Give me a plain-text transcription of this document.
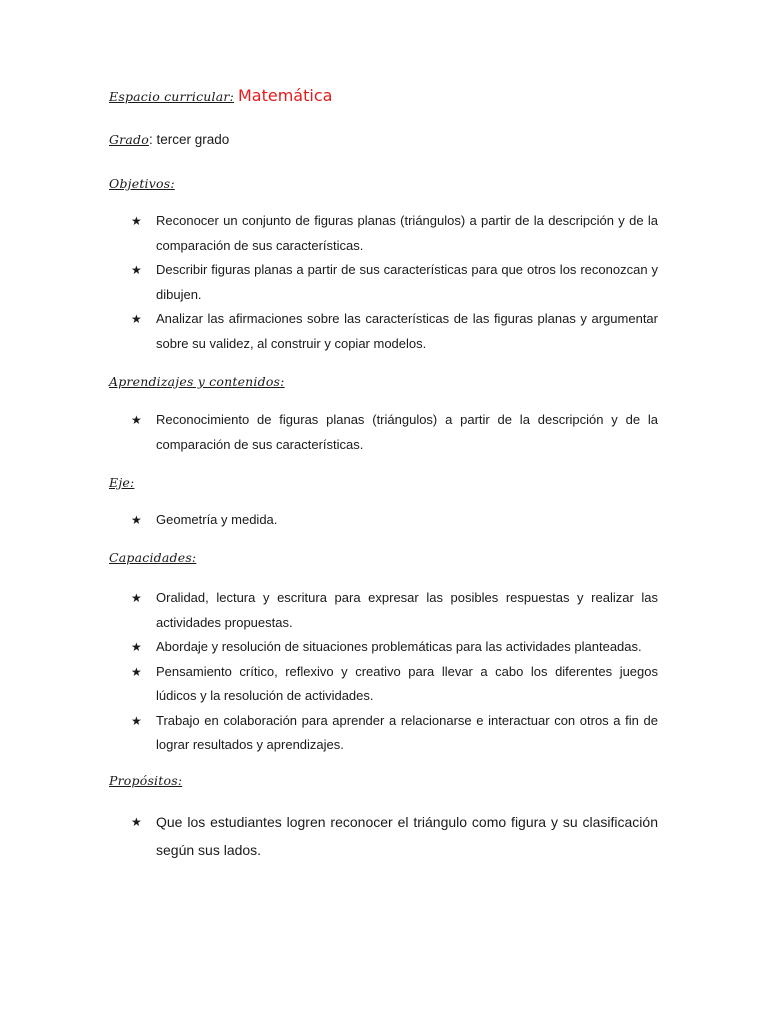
Espacio curricular: Matemática
Grado: tercer grado
Objetivos:
★ Reconocer un conjunto de figuras planas (triángulos) a partir de la descripción y de la comparación de sus características.
★ Describir figuras planas a partir de sus características para que otros los reconozcan y dibujen.
★ Analizar las afirmaciones sobre las características de las figuras planas y argumentar sobre su validez, al construir y copiar modelos.
Aprendizajes y contenidos:
★ Reconocimiento de figuras planas (triángulos) a partir de la descripción y de la comparación de sus características.
Eje:
★ Geometría y medida.
Capacidades:
★ Oralidad, lectura y escritura para expresar las posibles respuestas y realizar las actividades propuestas.
★ Abordaje y resolución de situaciones problemáticas para las actividades planteadas.
★ Pensamiento crítico, reflexivo y creativo para llevar a cabo los diferentes juegos lúdicos y la resolución de actividades.
★ Trabajo en colaboración para aprender a relacionarse e interactuar con otros a fin de lograr resultados y aprendizajes.
Propósitos:
★ Que los estudiantes logren reconocer el triángulo como figura y su clasificación según sus lados.
